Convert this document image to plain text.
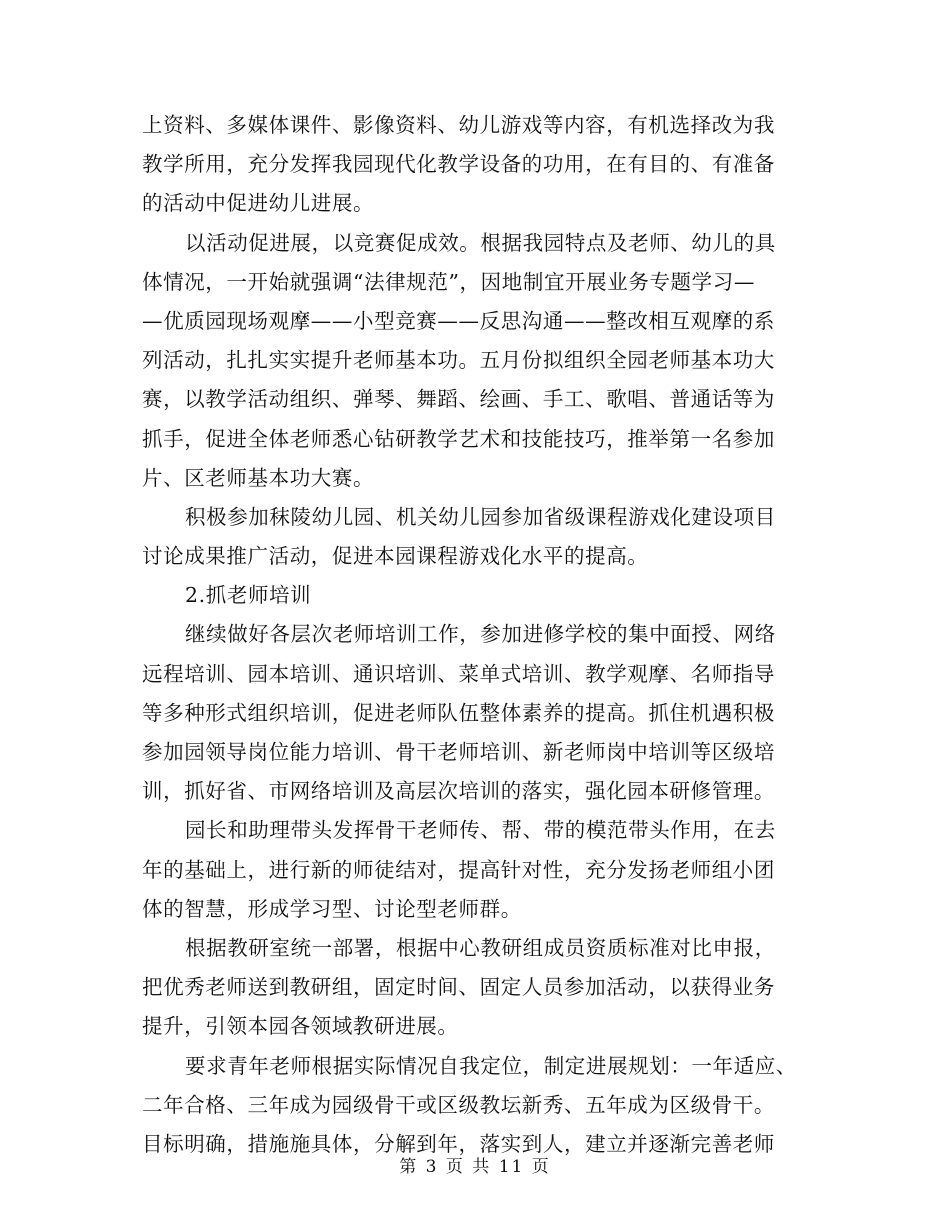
上资料、多媒体课件、影像资料、幼儿游戏等内容，有机选择改为我
教学所用，充分发挥我园现代化教学设备的功用，在有目的、有准备
的活动中促进幼儿进展。
以活动促进展，以竞赛促成效。根据我园特点及老师、幼儿的具
体情况，一开始就强调“法律规范”，因地制宜开展业务专题学习—
—优质园现场观摩——小型竞赛——反思沟通——整改相互观摩的系
列活动，扎扎实实提升老师基本功。五月份拟组织全园老师基本功大
赛，以教学活动组织、弹琴、舞蹈、绘画、手工、歌唱、普通话等为
抓手，促进全体老师悉心钻研教学艺术和技能技巧，推举第一名参加
片、区老师基本功大赛。
积极参加秣陵幼儿园、机关幼儿园参加省级课程游戏化建设项目
讨论成果推广活动，促进本园课程游戏化水平的提高。
2.抓老师培训
继续做好各层次老师培训工作，参加进修学校的集中面授、网络
远程培训、园本培训、通识培训、菜单式培训、教学观摩、名师指导
等多种形式组织培训，促进老师队伍整体素养的提高。抓住机遇积极
参加园领导岗位能力培训、骨干老师培训、新老师岗中培训等区级培
训，抓好省、市网络培训及高层次培训的落实，强化园本研修管理。
园长和助理带头发挥骨干老师传、帮、带的模范带头作用，在去
年的基础上，进行新的师徒结对，提高针对性，充分发扬老师组小团
体的智慧，形成学习型、讨论型老师群。
根据教研室统一部署，根据中心教研组成员资质标准对比申报，
把优秀老师送到教研组，固定时间、固定人员参加活动，以获得业务
提升，引领本园各领域教研进展。
要求青年老师根据实际情况自我定位，制定进展规划：一年适应、
二年合格、三年成为园级骨干或区级教坛新秀、五年成为区级骨干。
目标明确，措施施具体，分解到年，落实到人，建立并逐渐完善老师
第 3 页 共 11 页
